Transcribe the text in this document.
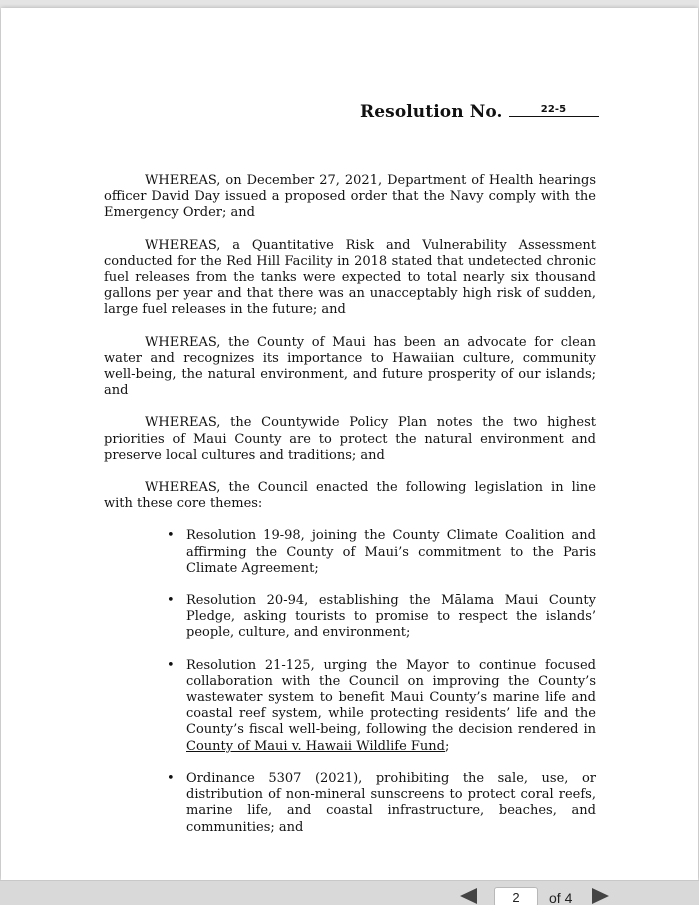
Resolution No.	22-5

WHEREAS, on December 27, 2021, Department of Health hearings officer David Day issued a proposed order that the Navy comply with the Emergency Order; and

WHEREAS, a Quantitative Risk and Vulnerability Assessment conducted for the Red Hill Facility in 2018 stated that undetected chronic fuel releases from the tanks were expected to total nearly six thousand gallons per year and that there was an unacceptably high risk of sudden, large fuel releases in the future; and

WHEREAS, the County of Maui has been an advocate for clean water and recognizes its importance to Hawaiian culture, community well-being, the natural environment, and future prosperity of our islands; and

WHEREAS, the Countywide Policy Plan notes the two highest priorities of Maui County are to protect the natural environment and preserve local cultures and traditions; and

WHEREAS, the Council enacted the following legislation in line with these core themes:

• Resolution 19-98, joining the County Climate Coalition and affirming the County of Maui’s commitment to the Paris Climate Agreement;
• Resolution 20-94, establishing the Mālama Maui County Pledge, asking tourists to promise to respect the islands’ people, culture, and environment;
• Resolution 21-125, urging the Mayor to continue focused collaboration with the Council on improving the County’s wastewater system to benefit Maui County’s marine life and coastal reef system, while protecting residents’ life and the County’s fiscal well-being, following the decision rendered in County of Maui v. Hawaii Wildlife Fund;
• Ordinance 5307 (2021), prohibiting the sale, use, or distribution of non-mineral sunscreens to protect coral reefs, marine life, and coastal infrastructure, beaches, and communities; and
2
of 4
